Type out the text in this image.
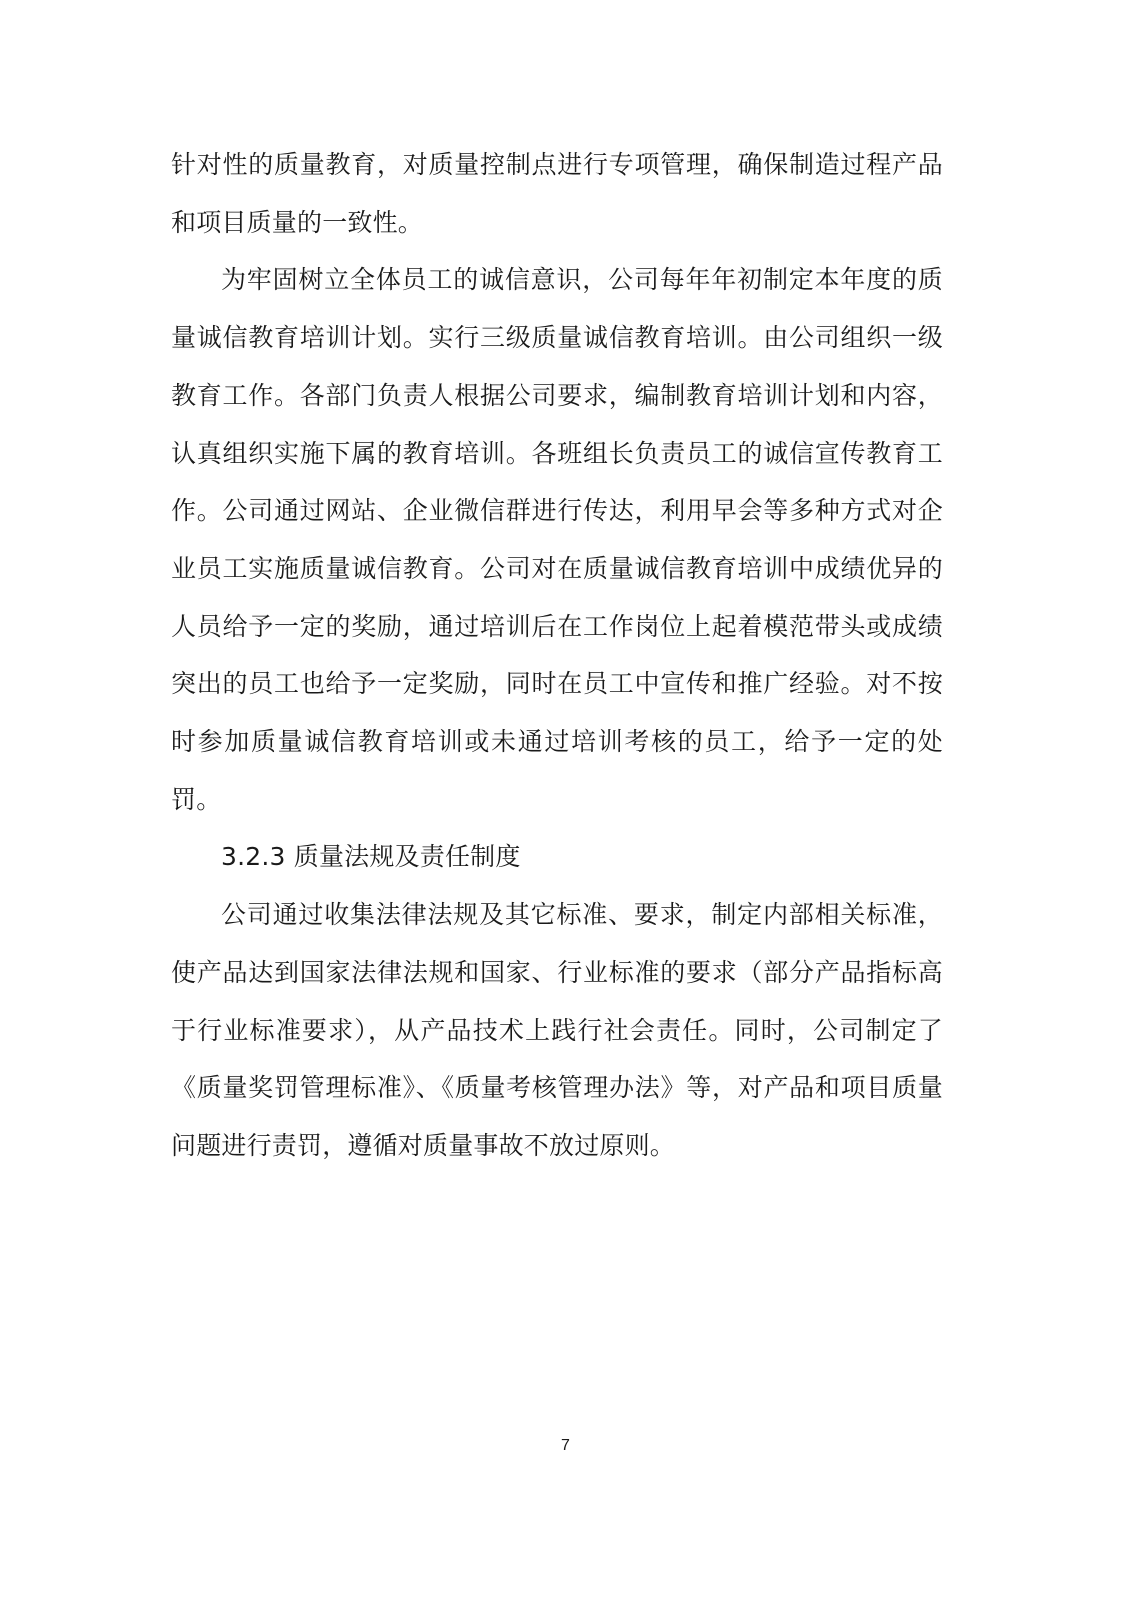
针对性的质量教育，对质量控制点进行专项管理，确保制造过程产品和项目质量的一致性。

为牢固树立全体员工的诚信意识，公司每年年初制定本年度的质量诚信教育培训计划。实行三级质量诚信教育培训。由公司组织一级教育工作。各部门负责人根据公司要求，编制教育培训计划和内容，认真组织实施下属的教育培训。各班组长负责员工的诚信宣传教育工作。公司通过网站、企业微信群进行传达，利用早会等多种方式对企业员工实施质量诚信教育。公司对在质量诚信教育培训中成绩优异的人员给予一定的奖励，通过培训后在工作岗位上起着模范带头或成绩突出的员工也给予一定奖励，同时在员工中宣传和推广经验。对不按时参加质量诚信教育培训或未通过培训考核的员工，给予一定的处罚。

3.2.3 质量法规及责任制度

公司通过收集法律法规及其它标准、要求，制定内部相关标准，使产品达到国家法律法规和国家、行业标准的要求（部分产品指标高于行业标准要求），从产品技术上践行社会责任。同时，公司制定了《质量奖罚管理标准》、《质量考核管理办法》等，对产品和项目质量问题进行责罚，遵循对质量事故不放过原则。

7
